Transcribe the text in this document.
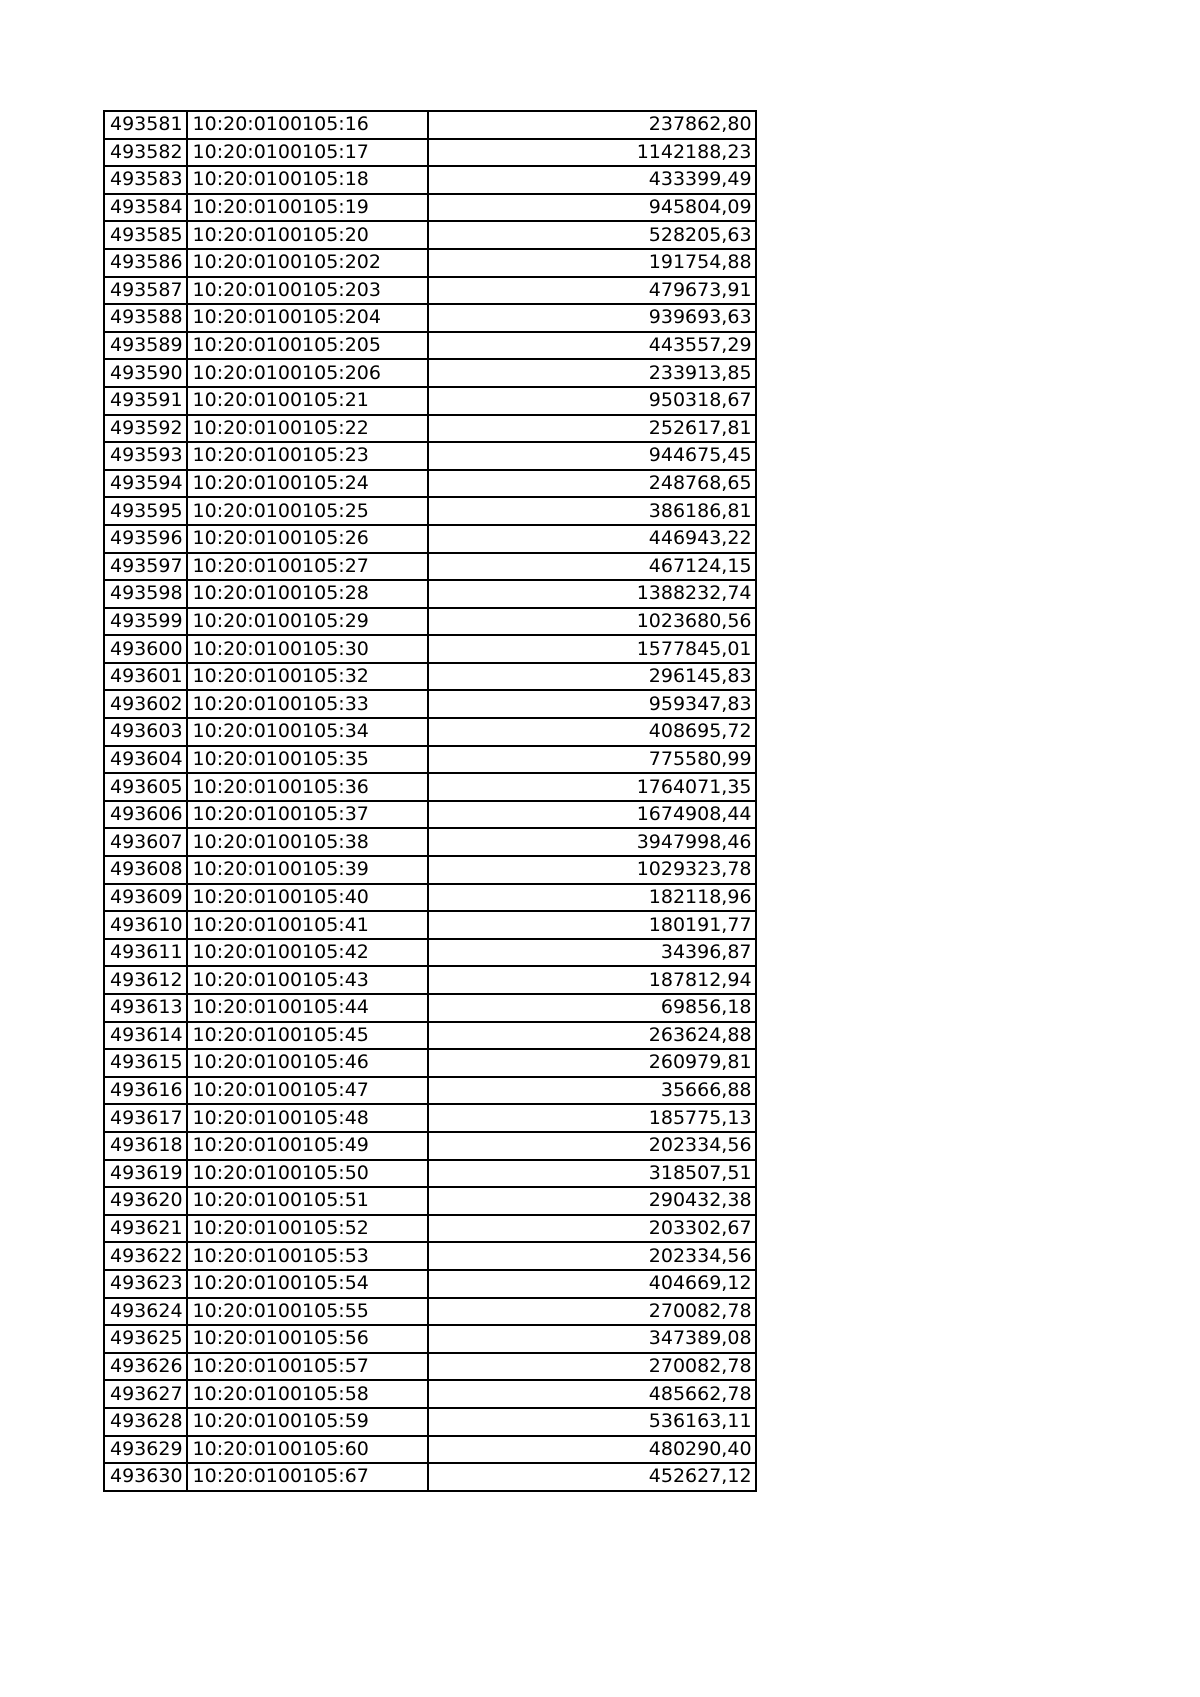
493581	10:20:0100105:16	237862,80
493582	10:20:0100105:17	1142188,23
493583	10:20:0100105:18	433399,49
493584	10:20:0100105:19	945804,09
493585	10:20:0100105:20	528205,63
493586	10:20:0100105:202	191754,88
493587	10:20:0100105:203	479673,91
493588	10:20:0100105:204	939693,63
493589	10:20:0100105:205	443557,29
493590	10:20:0100105:206	233913,85
493591	10:20:0100105:21	950318,67
493592	10:20:0100105:22	252617,81
493593	10:20:0100105:23	944675,45
493594	10:20:0100105:24	248768,65
493595	10:20:0100105:25	386186,81
493596	10:20:0100105:26	446943,22
493597	10:20:0100105:27	467124,15
493598	10:20:0100105:28	1388232,74
493599	10:20:0100105:29	1023680,56
493600	10:20:0100105:30	1577845,01
493601	10:20:0100105:32	296145,83
493602	10:20:0100105:33	959347,83
493603	10:20:0100105:34	408695,72
493604	10:20:0100105:35	775580,99
493605	10:20:0100105:36	1764071,35
493606	10:20:0100105:37	1674908,44
493607	10:20:0100105:38	3947998,46
493608	10:20:0100105:39	1029323,78
493609	10:20:0100105:40	182118,96
493610	10:20:0100105:41	180191,77
493611	10:20:0100105:42	34396,87
493612	10:20:0100105:43	187812,94
493613	10:20:0100105:44	69856,18
493614	10:20:0100105:45	263624,88
493615	10:20:0100105:46	260979,81
493616	10:20:0100105:47	35666,88
493617	10:20:0100105:48	185775,13
493618	10:20:0100105:49	202334,56
493619	10:20:0100105:50	318507,51
493620	10:20:0100105:51	290432,38
493621	10:20:0100105:52	203302,67
493622	10:20:0100105:53	202334,56
493623	10:20:0100105:54	404669,12
493624	10:20:0100105:55	270082,78
493625	10:20:0100105:56	347389,08
493626	10:20:0100105:57	270082,78
493627	10:20:0100105:58	485662,78
493628	10:20:0100105:59	536163,11
493629	10:20:0100105:60	480290,40
493630	10:20:0100105:67	452627,12
